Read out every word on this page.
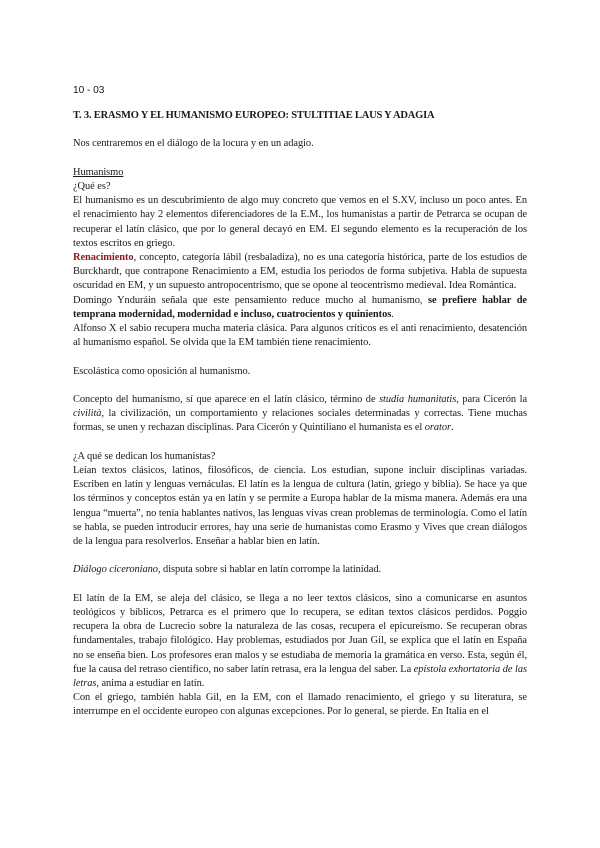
10 - 03
T. 3. ERASMO Y EL HUMANISMO EUROPEO: STULTITIAE LAUS Y ADAGIA

Nos centraremos en el diálogo de la locura y en un adagio.

Humanismo

¿Qué es?

El humanismo es un descubrimiento de algo muy concreto que vemos en el S.XV, incluso un poco antes. En el renacimiento hay 2 elementos diferenciadores de la E.M., los humanistas a partir de Petrarca se ocupan de recuperar el latín clásico, que por lo general decayó en EM. El segundo elemento es la recuperación de los textos escritos en griego.

Renacimiento, concepto, categoría lábil (resbaladiza), no es una categoría histórica, parte de los estudios de Burckhardt, que contrapone Renacimiento a EM, estudia los periodos de forma subjetiva. Habla de supuesta oscuridad en EM, y un supuesto antropocentrismo, que se opone al teocentrismo medieval. Idea Romántica.

Domingo Ynduráin señala que este pensamiento reduce mucho al humanismo, se prefiere hablar de temprana modernidad, modernidad e incluso, cuatrocientos y quinientos.

Alfonso X el sabio recupera mucha materia clásica. Para algunos críticos es el anti renacimiento, desatención al humanismo español. Se olvida que la EM también tiene renacimiento.

Escolástica como oposición al humanismo.

Concepto del humanismo, sí que aparece en el latín clásico, término de studia humanitatis, para Cicerón la civilità, la civilización, un comportamiento y relaciones sociales determinadas y correctas. Tiene muchas formas, se unen y rechazan disciplinas. Para Cicerón y Quintiliano el humanista es el orator.

¿A qué se dedican los humanistas?

Leían textos clásicos, latinos, filosóficos, de ciencia. Los estudian, supone incluir disciplinas variadas. Escriben en latín y lenguas vernáculas. El latín es la lengua de cultura (latín, griego y biblia). Se hace ya que los términos y conceptos están ya en latín y se permite a Europa hablar de la misma manera. Además era una lengua “muerta”, no tenía hablantes nativos, las lenguas vivas crean problemas de terminología. Como el latín se habla, se pueden introducir errores, hay una serie de humanistas como Erasmo y Vives que crean diálogos de la lengua para resolverlos. Enseñar a hablar bien en latín.

Diálogo ciceroniano, disputa sobre si hablar en latín corrompe la latinidad.

El latín de la EM, se aleja del clásico, se llega a no leer textos clásicos, sino a comunicarse en asuntos teológicos y bíblicos, Petrarca es el primero que lo recupera, se editan textos clásicos perdidos. Poggio recupera la obra de Lucrecio sobre la naturaleza de las cosas, recupera el epicureísmo. Se recuperan obras fundamentales, trabajo filológico. Hay problemas, estudiados por Juan Gil, se explica que el latín en España no se enseña bien. Los profesores eran malos y se estudiaba de memoria la gramática en verso. Esta, según él, fue la causa del retraso científico, no saber latín retrasa, era la lengua del saber. La epístola exhortatoria de las letras, anima a estudiar en latín.

Con el griego, también habla Gil, en la EM, con el llamado renacimiento, el griego y su literatura, se interrumpe en el occidente europeo con algunas excepciones. Por lo general, se pierde. En Italia en el
